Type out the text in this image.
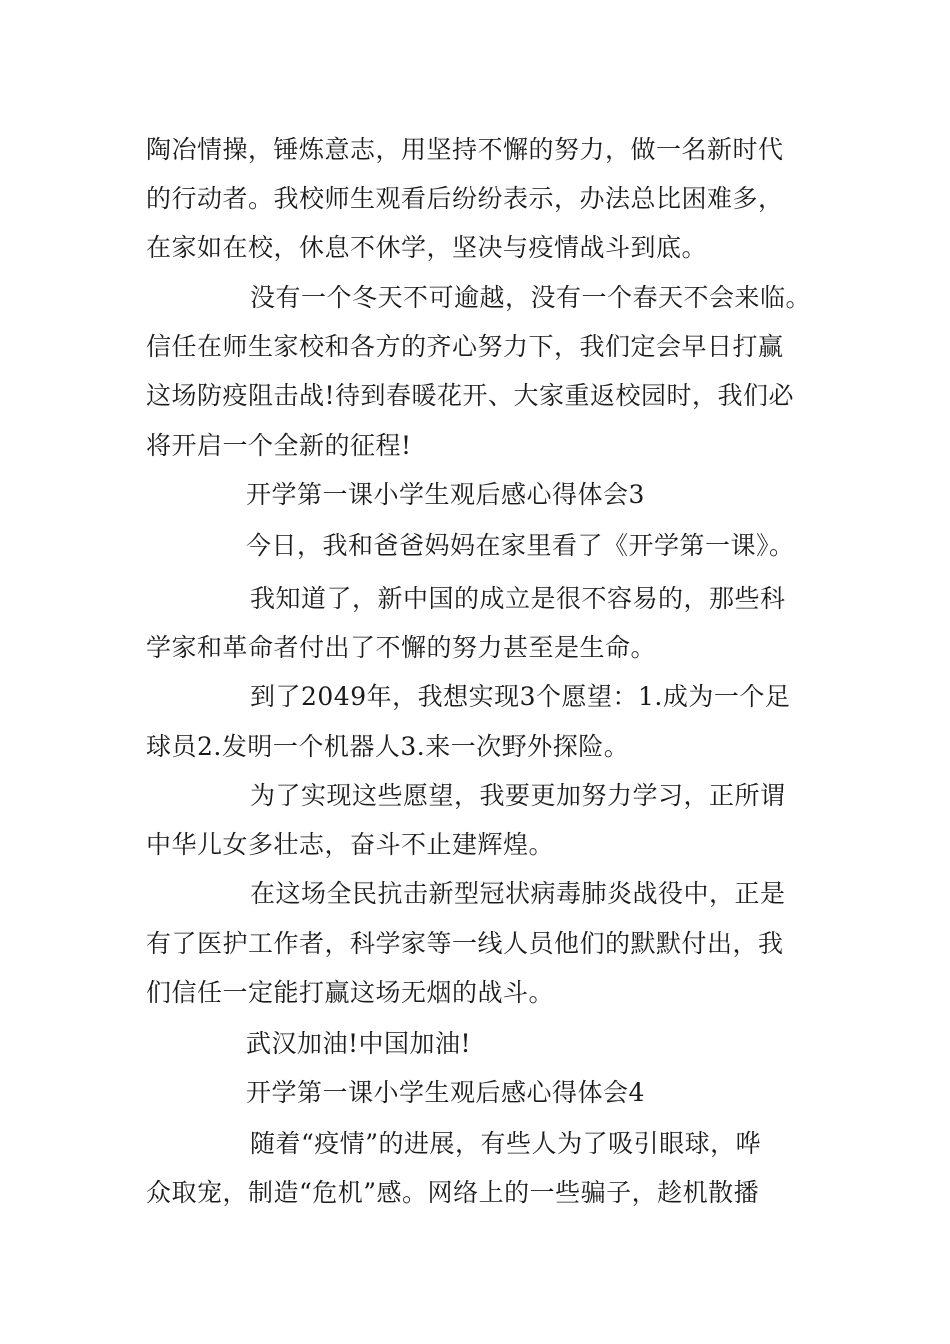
陶冶情操，锤炼意志，用坚持不懈的努力，做一名新时代
的行动者。我校师生观看后纷纷表示，办法总比困难多，
在家如在校，休息不休学，坚决与疫情战斗到底。
没有一个冬天不可逾越，没有一个春天不会来临。
信任在师生家校和各方的齐心努力下，我们定会早日打赢
这场防疫阻击战!待到春暖花开、大家重返校园时，我们必
将开启一个全新的征程!
开学第一课小学生观后感心得体会3
今日，我和爸爸妈妈在家里看了《开学第一课》。
我知道了，新中国的成立是很不容易的，那些科
学家和革命者付出了不懈的努力甚至是生命。
到了2049年，我想实现3个愿望：1.成为一个足
球员2.发明一个机器人3.来一次野外探险。
为了实现这些愿望，我要更加努力学习，正所谓
中华儿女多壮志，奋斗不止建辉煌。
在这场全民抗击新型冠状病毒肺炎战役中，正是
有了医护工作者，科学家等一线人员他们的默默付出，我
们信任一定能打赢这场无烟的战斗。
武汉加油!中国加油!
开学第一课小学生观后感心得体会4
随着“疫情”的进展，有些人为了吸引眼球，哗
众取宠，制造“危机”感。网络上的一些骗子，趁机散播
